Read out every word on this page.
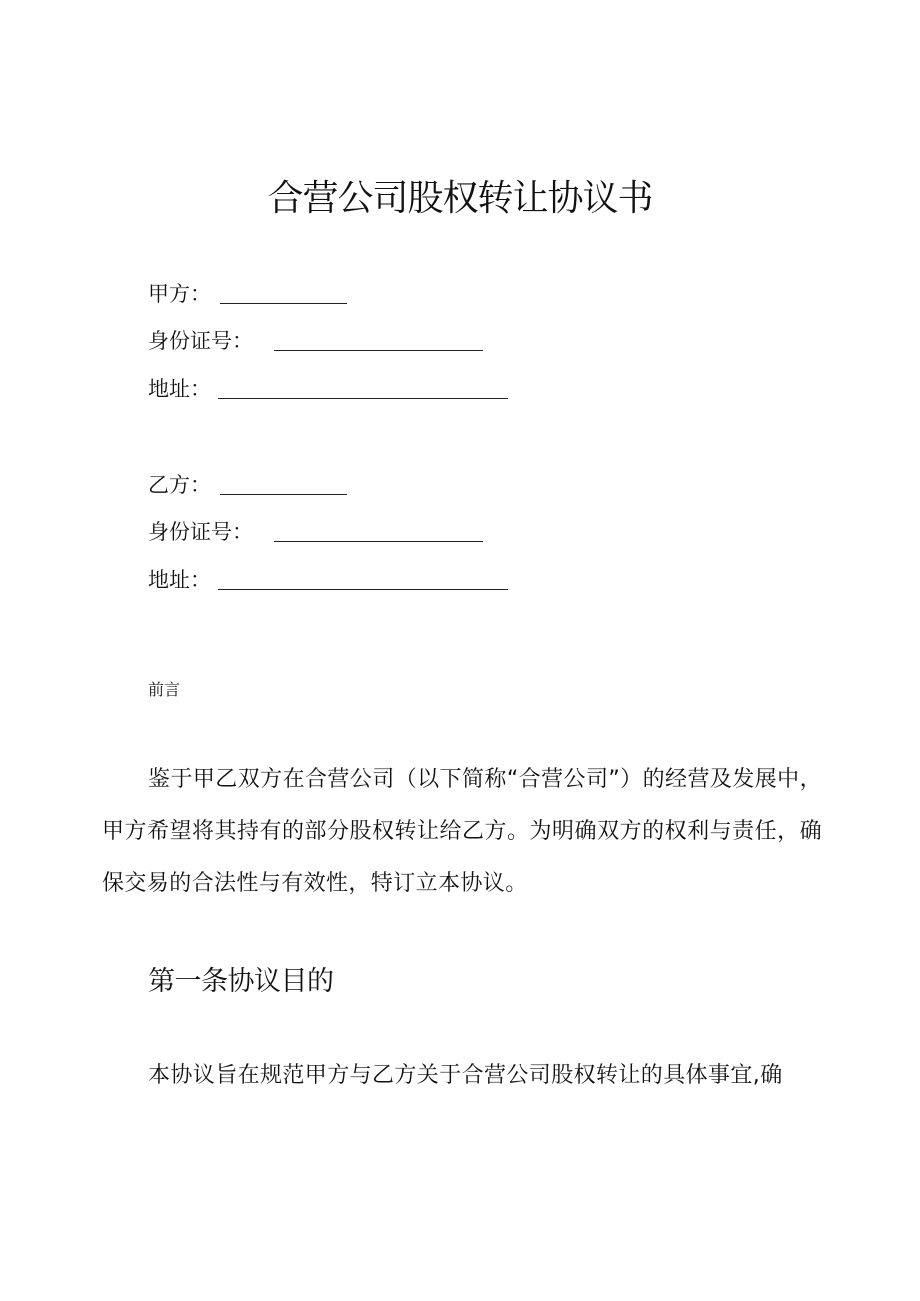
合营公司股权转让协议书
甲方：
身份证号：
地址：
乙方：
身份证号：
地址：

前言

鉴于甲乙双方在合营公司（以下简称“合营公司”）的经营及发展中，甲方希望将其持有的部分股权转让给乙方。为明确双方的权利与责任，确保交易的合法性与有效性，特订立本协议。

第一条协议目的

本协议旨在规范甲方与乙方关于合营公司股权转让的具体事宜,确
